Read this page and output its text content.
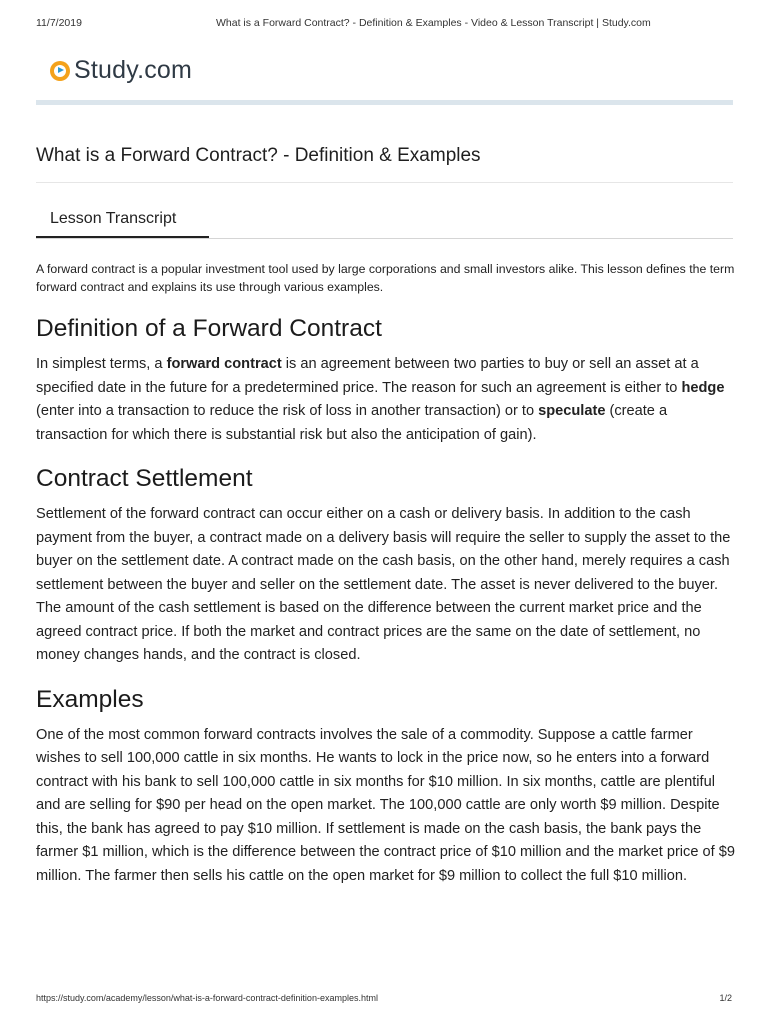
11/7/2019	What is a Forward Contract? - Definition & Examples - Video & Lesson Transcript | Study.com
Study.com
What is a Forward Contract? - Definition & Examples
Lesson Transcript

A forward contract is a popular investment tool used by large corporations and small investors alike. This lesson defines the term forward contract and explains its use through various examples.

Definition of a Forward Contract

In simplest terms, a forward contract is an agreement between two parties to buy or sell an asset at a specified date in the future for a predetermined price. The reason for such an agreement is either to hedge (enter into a transaction to reduce the risk of loss in another transaction) or to speculate (create a transaction for which there is substantial risk but also the anticipation of gain).

Contract Settlement

Settlement of the forward contract can occur either on a cash or delivery basis. In addition to the cash payment from the buyer, a contract made on a delivery basis will require the seller to supply the asset to the buyer on the settlement date. A contract made on the cash basis, on the other hand, merely requires a cash settlement between the buyer and seller on the settlement date. The asset is never delivered to the buyer. The amount of the cash settlement is based on the difference between the current market price and the agreed contract price. If both the market and contract prices are the same on the date of settlement, no money changes hands, and the contract is closed.

Examples

One of the most common forward contracts involves the sale of a commodity. Suppose a cattle farmer wishes to sell 100,000 cattle in six months. He wants to lock in the price now, so he enters into a forward contract with his bank to sell 100,000 cattle in six months for $10 million. In six months, cattle are plentiful and are selling for $90 per head on the open market. The 100,000 cattle are only worth $9 million. Despite this, the bank has agreed to pay $10 million. If settlement is made on the cash basis, the bank pays the farmer $1 million, which is the difference between the contract price of $10 million and the market price of $9 million. The farmer then sells his cattle on the open market for $9 million to collect the full $10 million.

https://study.com/academy/lesson/what-is-a-forward-contract-definition-examples.html	1/2
